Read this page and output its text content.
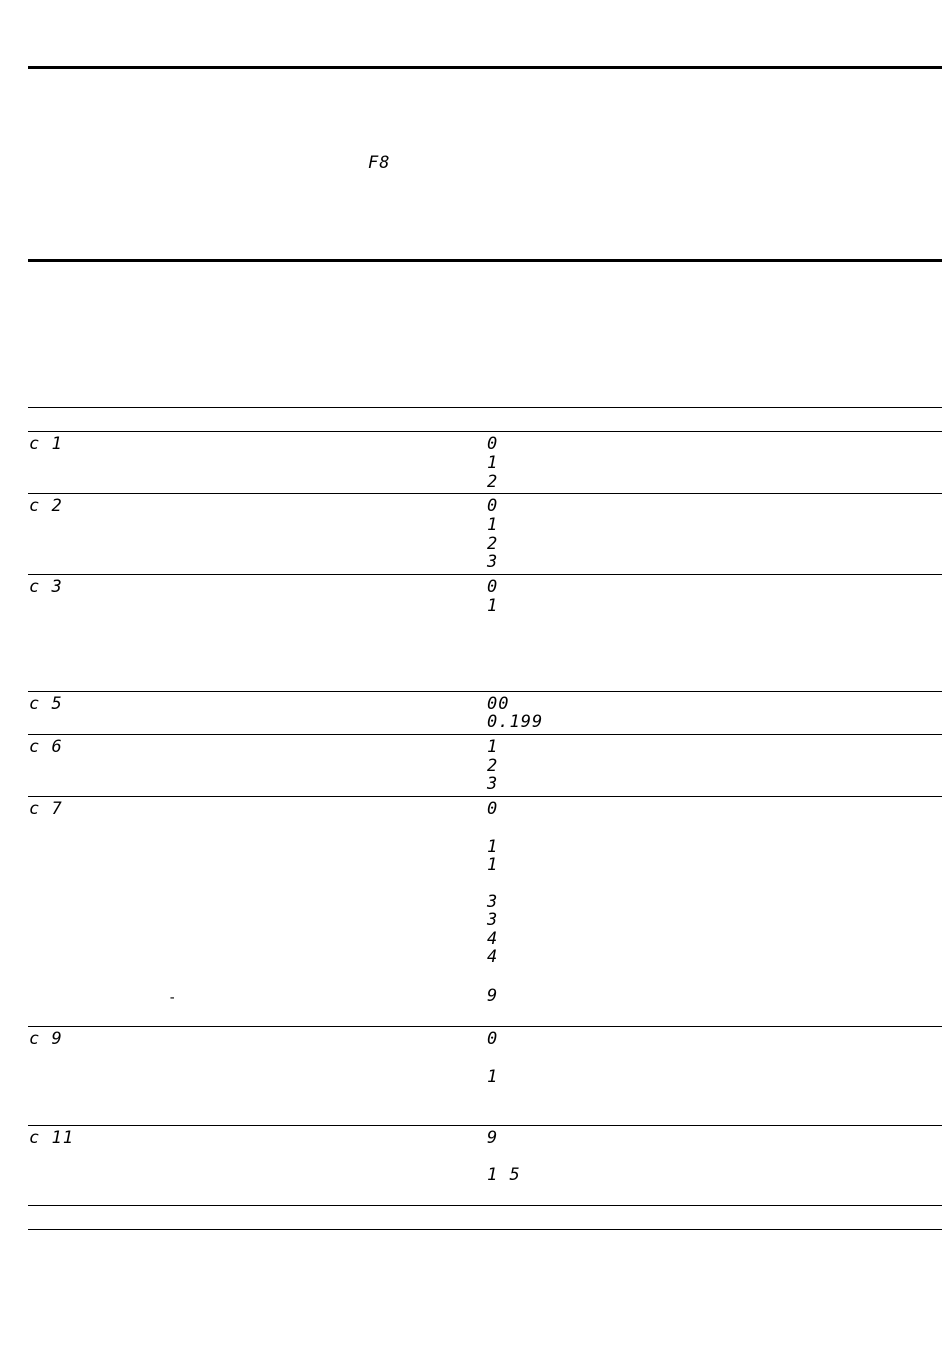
F8
c 1	0
1
2
c 2	0
1
2
3
c 3	0
1
c 5	00
0.199
c 6	1
2
3
c 7	0
1
1
3
3
4
4
9
-
c 9	0
1
c 11	9
1 5
